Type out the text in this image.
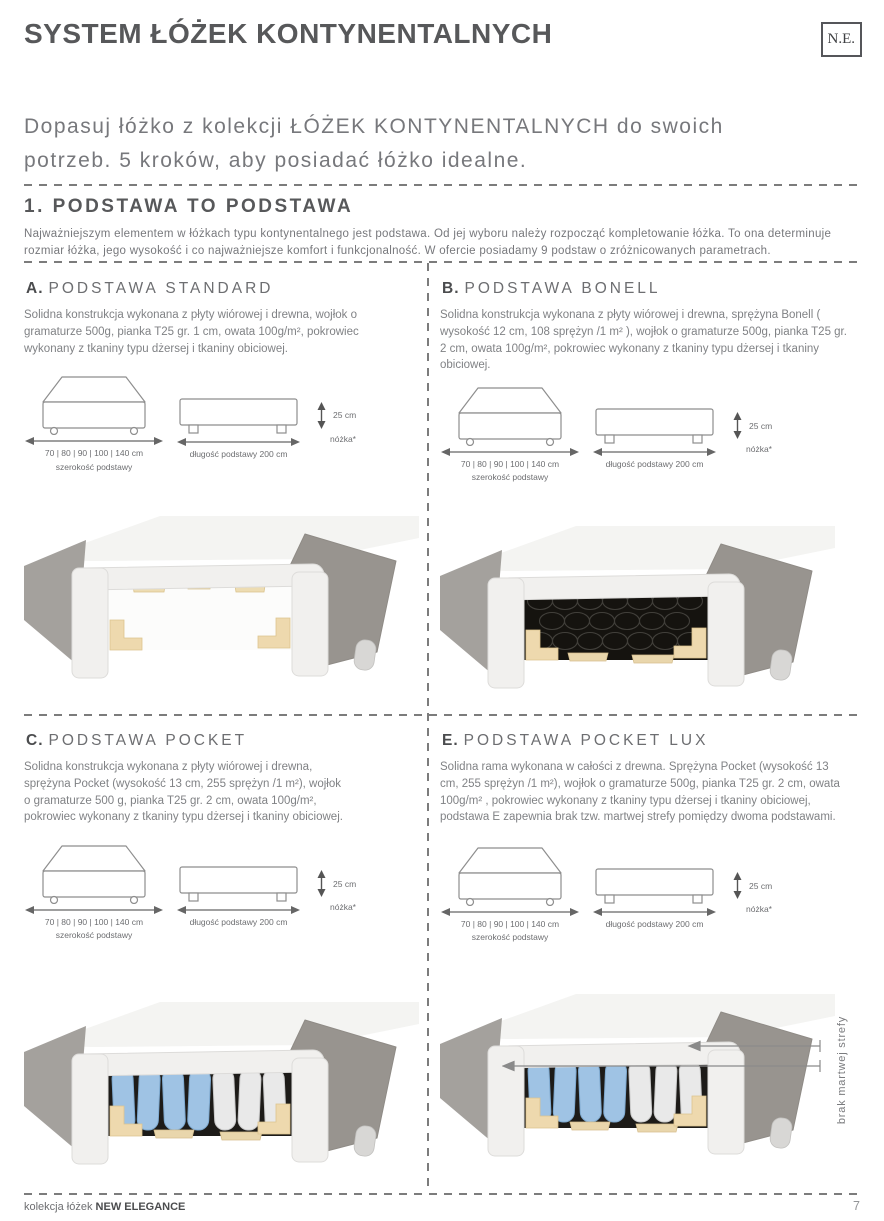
SYSTEM ŁÓŻEK KONTYNENTALNYCH	N.E.

Dopasuj łóżko z kolekcji ŁÓŻEK KONTYNENTALNYCH do swoich potrzeb. 5 kroków, aby posiadać łóżko idealne.

1. PODSTAWA TO PODSTAWA

Najważniejszym elementem w łóżkach typu kontynentalnego jest podstawa. Od jej wyboru należy rozpocząć kompletowanie łóżka. To ona determinuje rozmiar łóżka, jego wysokość i co najważniejsze komfort i funkcjonalność. W ofercie posiadamy 9 podstaw o zróżnicowanych parametrach.

A. PODSTAWA STANDARD

Solidna konstrukcja wykonana z płyty wiórowej i drewna, wojłok o gramaturze 500g, pianka T25 gr. 1 cm, owata 100g/m², pokrowiec wykonany z tkaniny typu dżersej i tkaniny obiciowej.

70 | 80 | 90 | 100 | 140 cm
szerokość podstawy
długość podstawy 200 cm
25 cm
nóżka*
B. PODSTAWA BONELL

Solidna konstrukcja wykonana z płyty wiórowej i drewna, sprężyna Bonell ( wysokość 12 cm, 108 sprężyn /1 m² ), wojłok o gramaturze 500g, pianka T25 gr. 2 cm, owata 100g/m², pokrowiec wykonany z tkaniny typu dżersej i tkaniny obiciowej.

70 | 80 | 90 | 100 | 140 cm
szerokość podstawy
długość podstawy 200 cm
25 cm
nóżka*
C. PODSTAWA POCKET

Solidna konstrukcja wykonana z płyty wiórowej i drewna, sprężyna Pocket (wysokość 13 cm, 255 sprężyn /1 m²), wojłok o gramaturze 500 g, pianka T25 gr. 2 cm, owata 100g/m², pokrowiec wykonany z tkaniny typu dżersej i tkaniny obiciowej.

70 | 80 | 90 | 100 | 140 cm
szerokość podstawy
długość podstawy 200 cm
25 cm
nóżka*
E. PODSTAWA POCKET LUX

Solidna rama wykonana w całości z drewna. Sprężyna Pocket (wysokość 13 cm, 255 sprężyn /1 m²), wojłok o gramaturze 500g, pianka T25 gr. 2 cm, owata 100g/m² , pokrowiec wykonany z tkaniny typu dżersej i tkaniny obiciowej, podstawa E zapewnia brak tzw. martwej strefy pomiędzy dwoma podstawami.

70 | 80 | 90 | 100 | 140 cm
szerokość podstawy
długość podstawy 200 cm
25 cm
nóżka*
brak martwej strefy
kolekcja łóżek NEW ELEGANCE	7
